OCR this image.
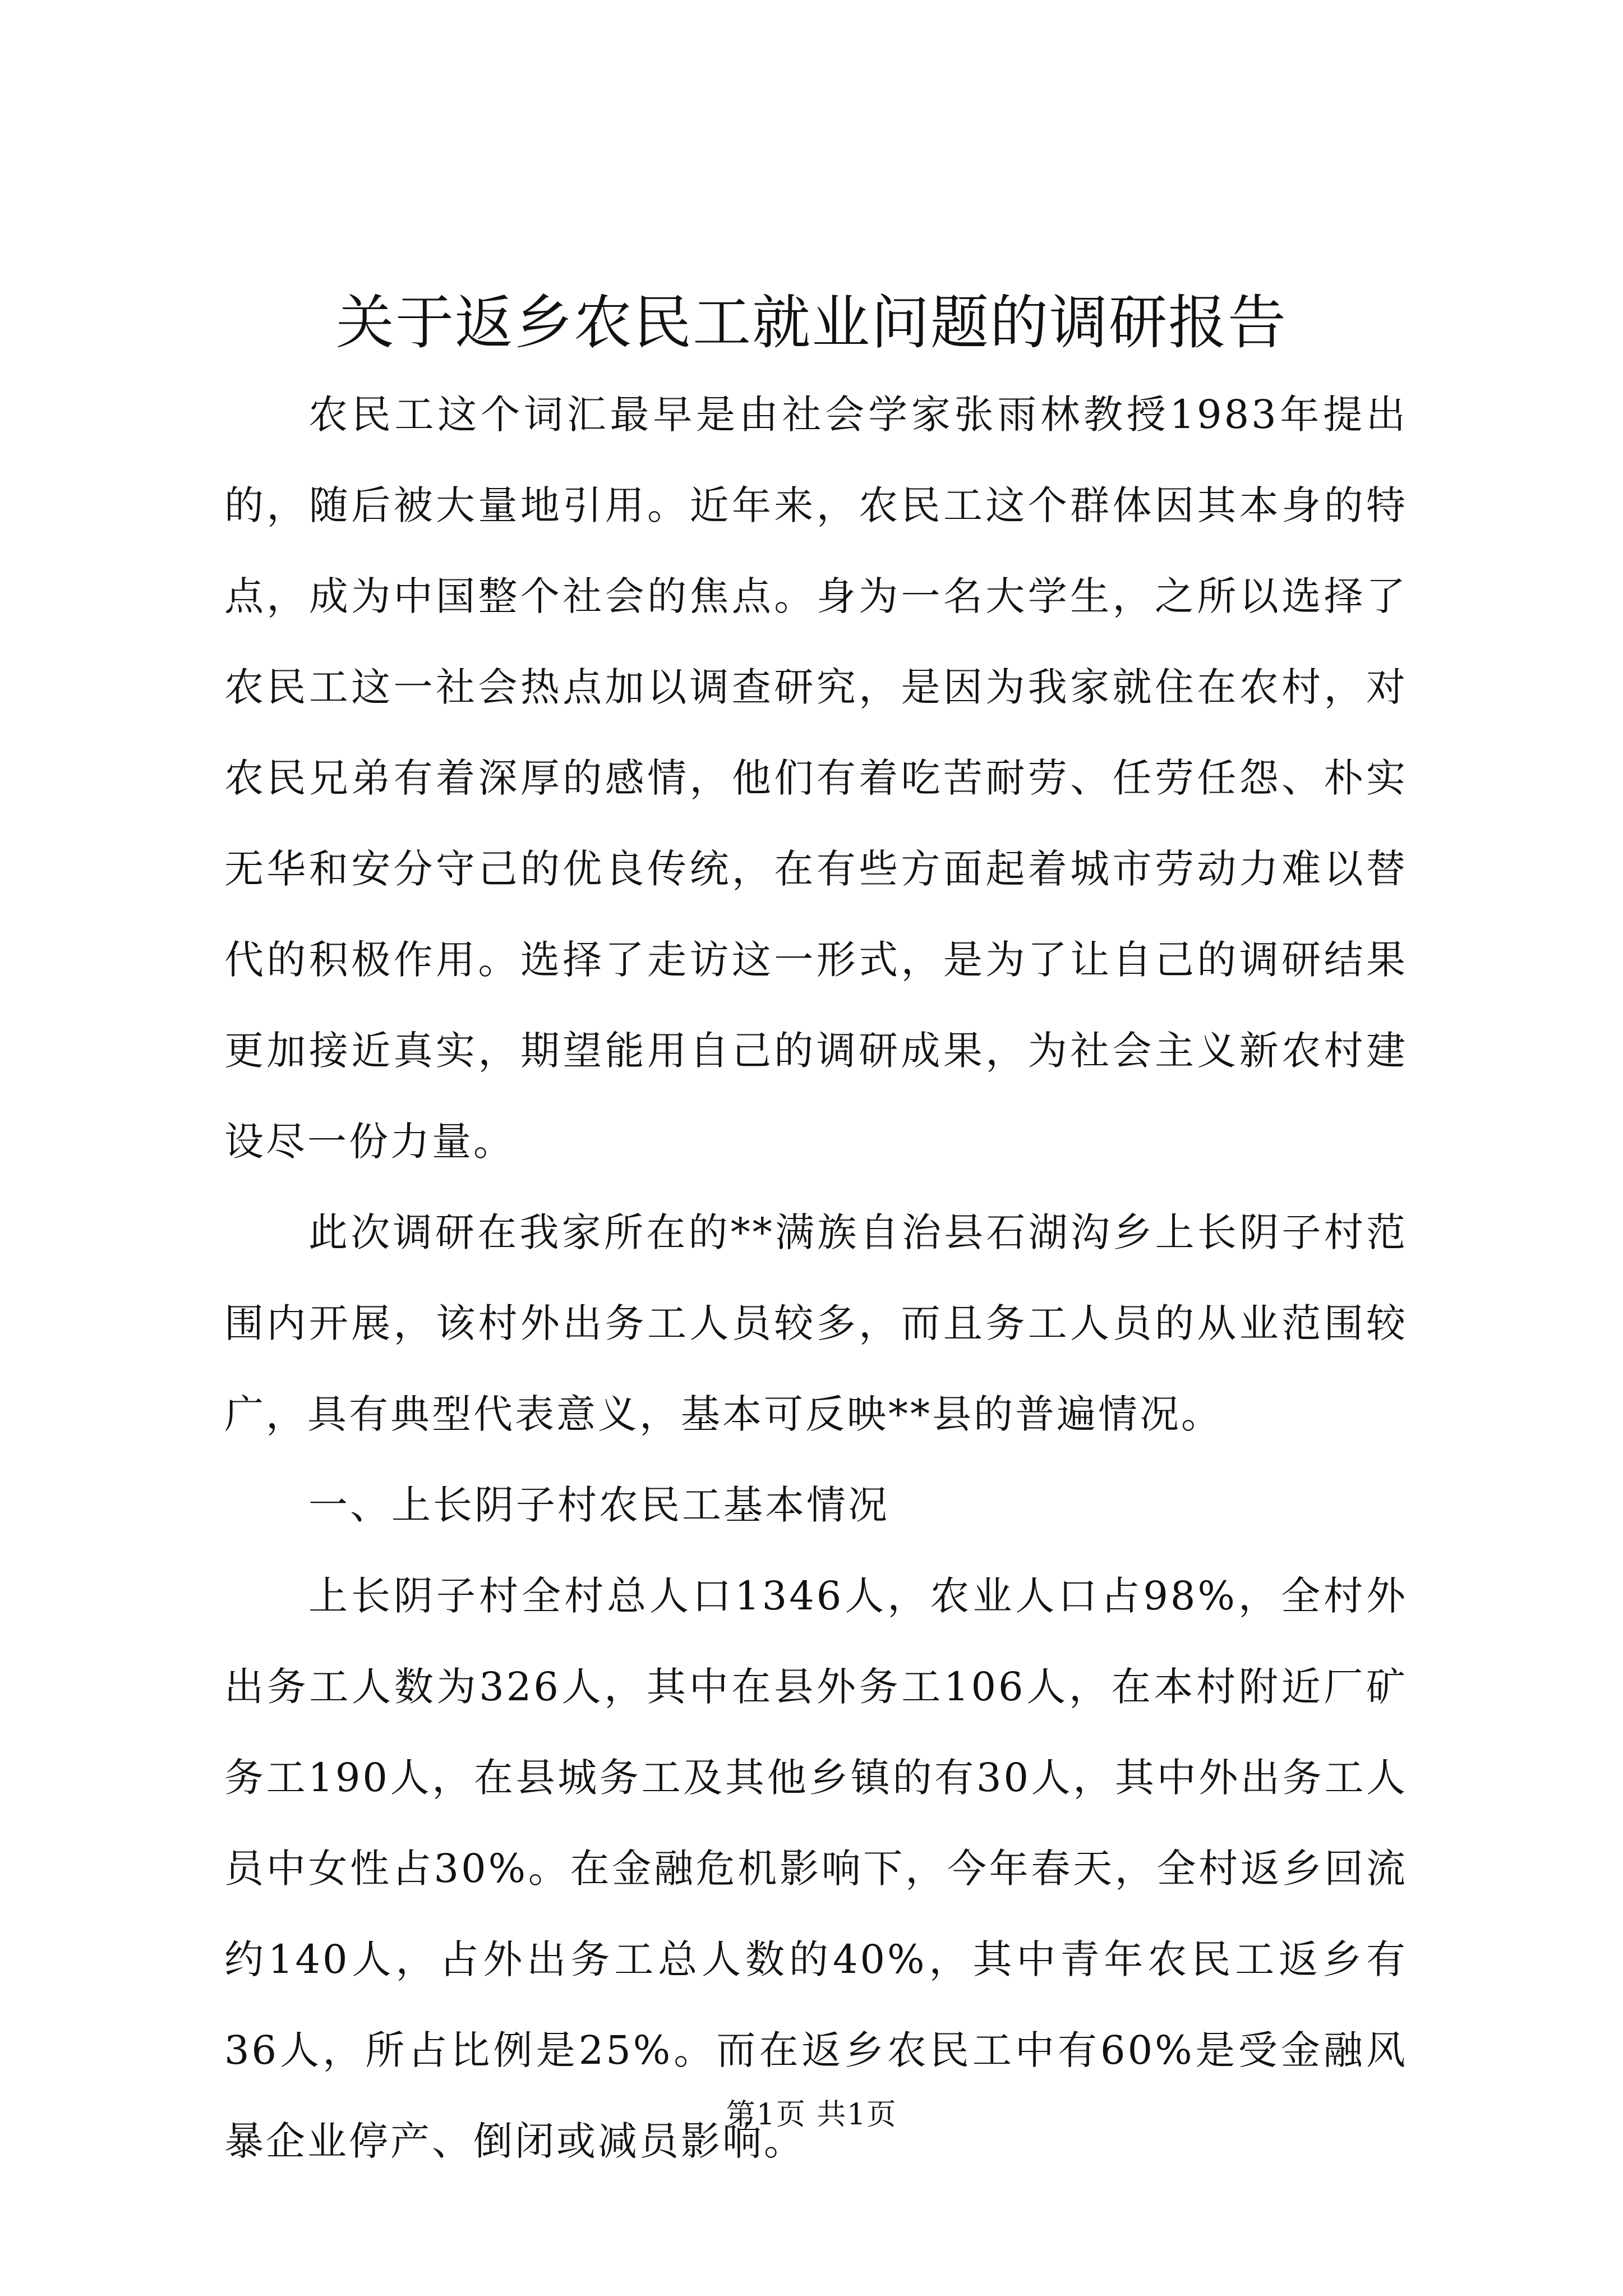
关于返乡农民工就业问题的调研报告

农民工这个词汇最早是由社会学家张雨林教授1983年提出的，随后被大量地引用。近年来，农民工这个群体因其本身的特点，成为中国整个社会的焦点。身为一名大学生，之所以选择了农民工这一社会热点加以调查研究，是因为我家就住在农村，对农民兄弟有着深厚的感情，他们有着吃苦耐劳、任劳任怨、朴实无华和安分守己的优良传统，在有些方面起着城市劳动力难以替代的积极作用。选择了走访这一形式，是为了让自己的调研结果更加接近真实，期望能用自己的调研成果，为社会主义新农村建设尽一份力量。

此次调研在我家所在的**满族自治县石湖沟乡上长阴子村范围内开展，该村外出务工人员较多，而且务工人员的从业范围较广，具有典型代表意义，基本可反映**县的普遍情况。

一、上长阴子村农民工基本情况

上长阴子村全村总人口1346人，农业人口占98%，全村外出务工人数为326人，其中在县外务工106人，在本村附近厂矿务工190人，在县城务工及其他乡镇的有30人，其中外出务工人员中女性占30%。在金融危机影响下，今年春天，全村返乡回流约140人，占外出务工总人数的40%，其中青年农民工返乡有36人，所占比例是25%。而在返乡农民工中有60%是受金融风暴企业停产、倒闭或减员影响。

第1页 共1页
